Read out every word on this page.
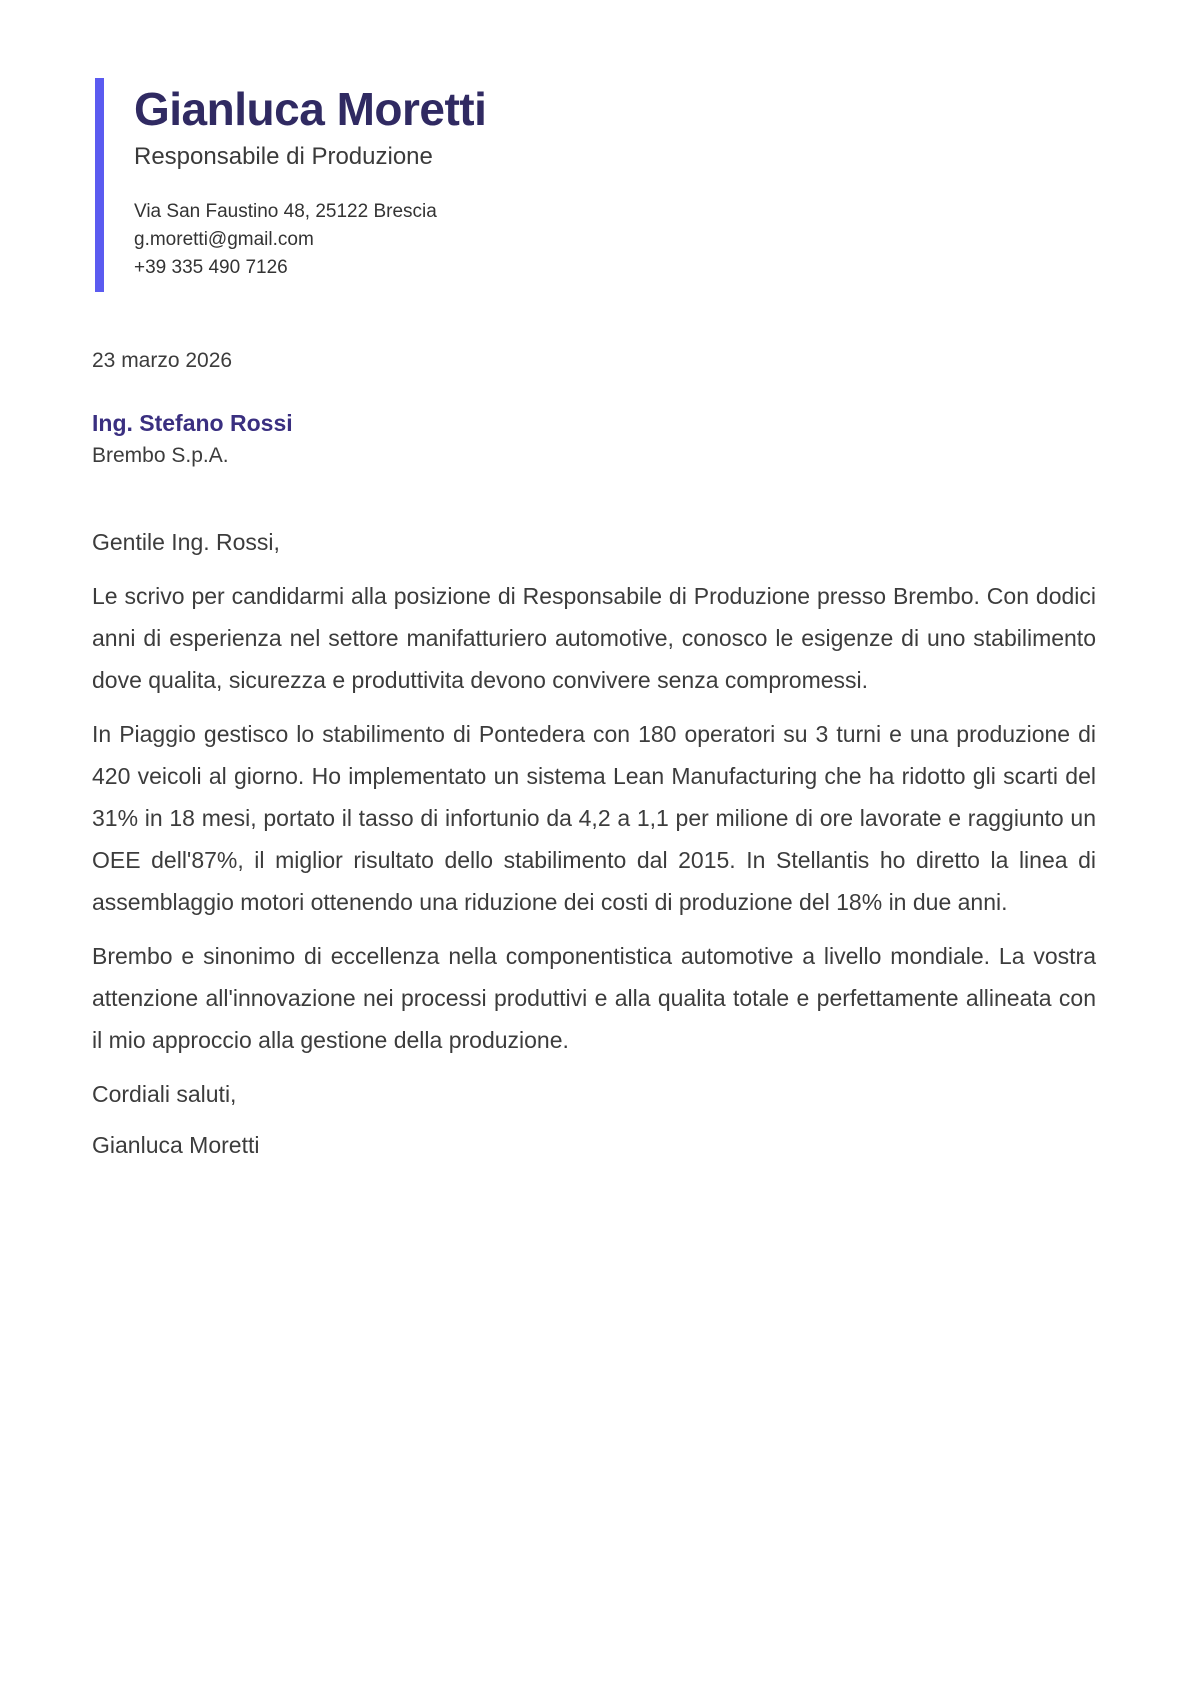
Gianluca Moretti
Responsabile di Produzione
Via San Faustino 48, 25122 Brescia
g.moretti@gmail.com
+39 335 490 7126
23 marzo 2026
Ing. Stefano Rossi
Brembo S.p.A.

Gentile Ing. Rossi,

Le scrivo per candidarmi alla posizione di Responsabile di Produzione presso Brembo. Con dodici anni di esperienza nel settore manifatturiero automotive, conosco le esigenze di uno stabilimento dove qualita, sicurezza e produttivita devono convivere senza compromessi.

In Piaggio gestisco lo stabilimento di Pontedera con 180 operatori su 3 turni e una produzione di 420 veicoli al giorno. Ho implementato un sistema Lean Manufacturing che ha ridotto gli scarti del 31% in 18 mesi, portato il tasso di infortunio da 4,2 a 1,1 per milione di ore lavorate e raggiunto un OEE dell'87%, il miglior risultato dello stabilimento dal 2015. In Stellantis ho diretto la linea di assemblaggio motori ottenendo una riduzione dei costi di produzione del 18% in due anni.

Brembo e sinonimo di eccellenza nella componentistica automotive a livello mondiale. La vostra attenzione all'innovazione nei processi produttivi e alla qualita totale e perfettamente allineata con il mio approccio alla gestione della produzione.

Cordiali saluti,

Gianluca Moretti
